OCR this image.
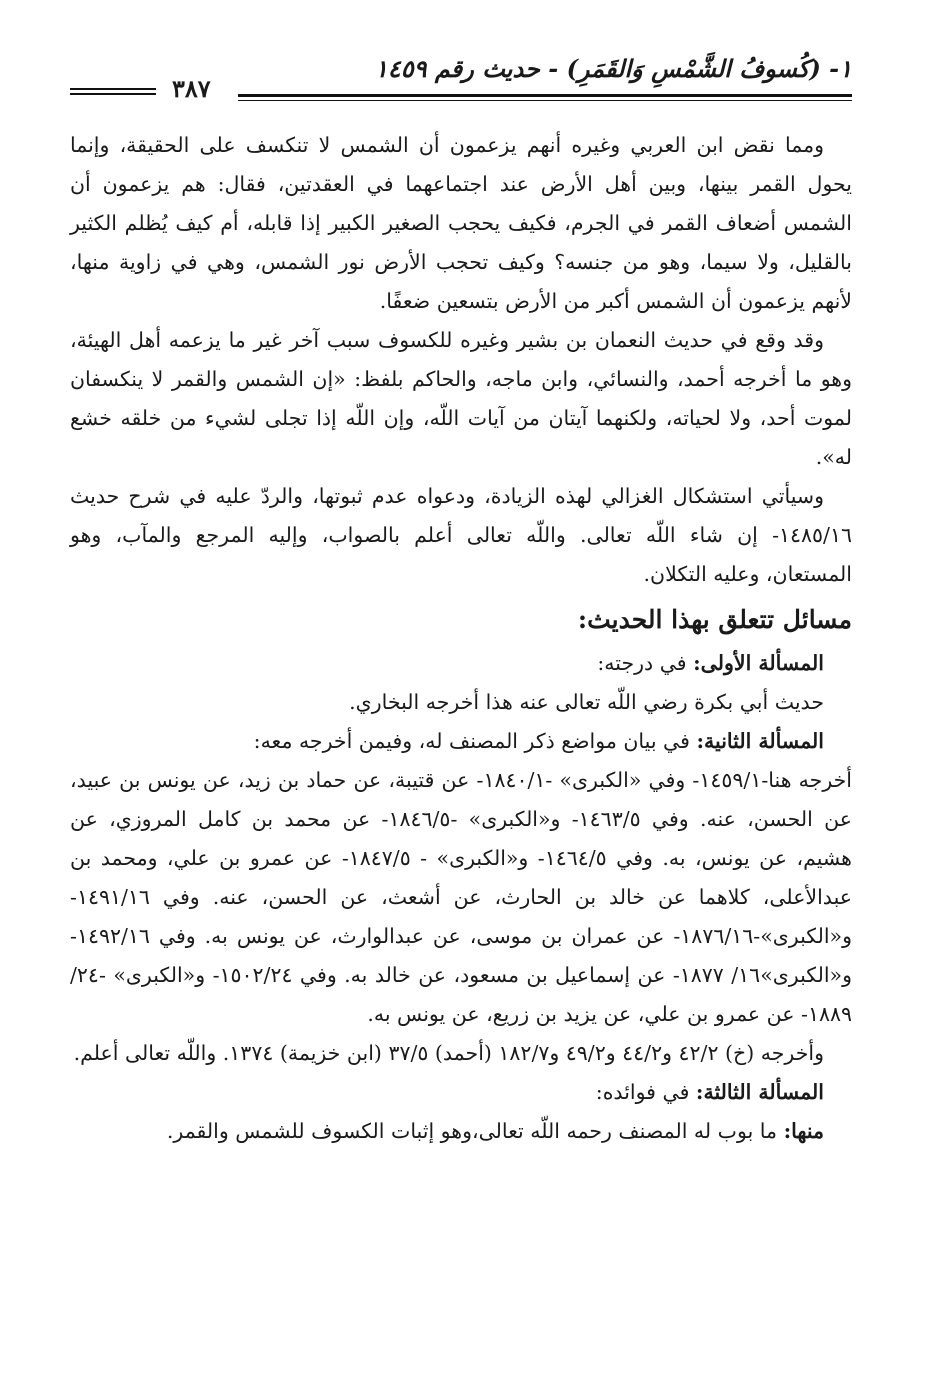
١- (كُسوفُ الشَّمْسِ وَالقَمَرِ) - حديث رقم ١٤٥٩
٣٨٧

ومما نقض ابن العربي وغيره أنهم يزعمون أن الشمس لا تنكسف على الحقيقة، وإنما يحول القمر بينها، وبين أهل الأرض عند اجتماعهما في العقدتين، فقال: هم يزعمون أن الشمس أضعاف القمر في الجرم، فكيف يحجب الصغير الكبير إذا قابله، أم كيف يُظلم الكثير بالقليل، ولا سيما، وهو من جنسه؟ وكيف تحجب الأرض نور الشمس، وهي في زاوية منها، لأنهم يزعمون أن الشمس أكبر من الأرض بتسعين ضعفًا.

وقد وقع في حديث النعمان بن بشير وغيره للكسوف سبب آخر غير ما يزعمه أهل الهيئة، وهو ما أخرجه أحمد، والنسائي، وابن ماجه، والحاكم بلفظ: «إن الشمس والقمر لا ينكسفان لموت أحد، ولا لحياته، ولكنهما آيتان من آيات اللّه، وإن اللّه إذا تجلى لشيء من خلقه خشع له».

وسيأتي استشكال الغزالي لهذه الزيادة، ودعواه عدم ثبوتها، والردّ عليه في شرح حديث ١٤٨٥/١٦- إن شاء اللّه تعالى. واللّه تعالى أعلم بالصواب، وإليه المرجع والمآب، وهو المستعان، وعليه التكلان.

مسائل تتعلق بهذا الحديث:

المسألة الأولى: في درجته:

حديث أبي بكرة رضي اللّه تعالى عنه هذا أخرجه البخاري.

المسألة الثانية: في بيان مواضع ذكر المصنف له، وفيمن أخرجه معه:

أخرجه هنا-١٤٥٩/١- وفي «الكبرى» -١٨٤٠/١- عن قتيبة، عن حماد بن زيد، عن يونس بن عبيد، عن الحسن، عنه. وفي ١٤٦٣/٥- و«الكبرى» -١٨٤٦/٥- عن محمد بن كامل المروزي، عن هشيم، عن يونس، به. وفي ١٤٦٤/٥- و«الكبرى» - ١٨٤٧/٥- عن عمرو بن علي، ومحمد بن عبدالأعلى، كلاهما عن خالد بن الحارث، عن أشعث، عن الحسن، عنه. وفي ١٤٩١/١٦- و«الكبرى»-١٨٧٦/١٦- عن عمران بن موسى، عن عبدالوارث، عن يونس به. وفي ١٤٩٢/١٦- و«الكبرى»١٦/ ١٨٧٧- عن إسماعيل بن مسعود، عن خالد به. وفي ١٥٠٢/٢٤- و«الكبرى» -٢٤/ ١٨٨٩- عن عمرو بن علي، عن يزيد بن زريع، عن يونس به.

وأخرجه (خ) ٤٢/٢ و٤٤/٢ و٤٩/٢ و١٨٢/٧ (أحمد) ٣٧/٥ (ابن خزيمة) ١٣٧٤. واللّه تعالى أعلم.

المسألة الثالثة: في فوائده:

منها: ما بوب له المصنف رحمه اللّه تعالى،وهو إثبات الكسوف للشمس والقمر.
